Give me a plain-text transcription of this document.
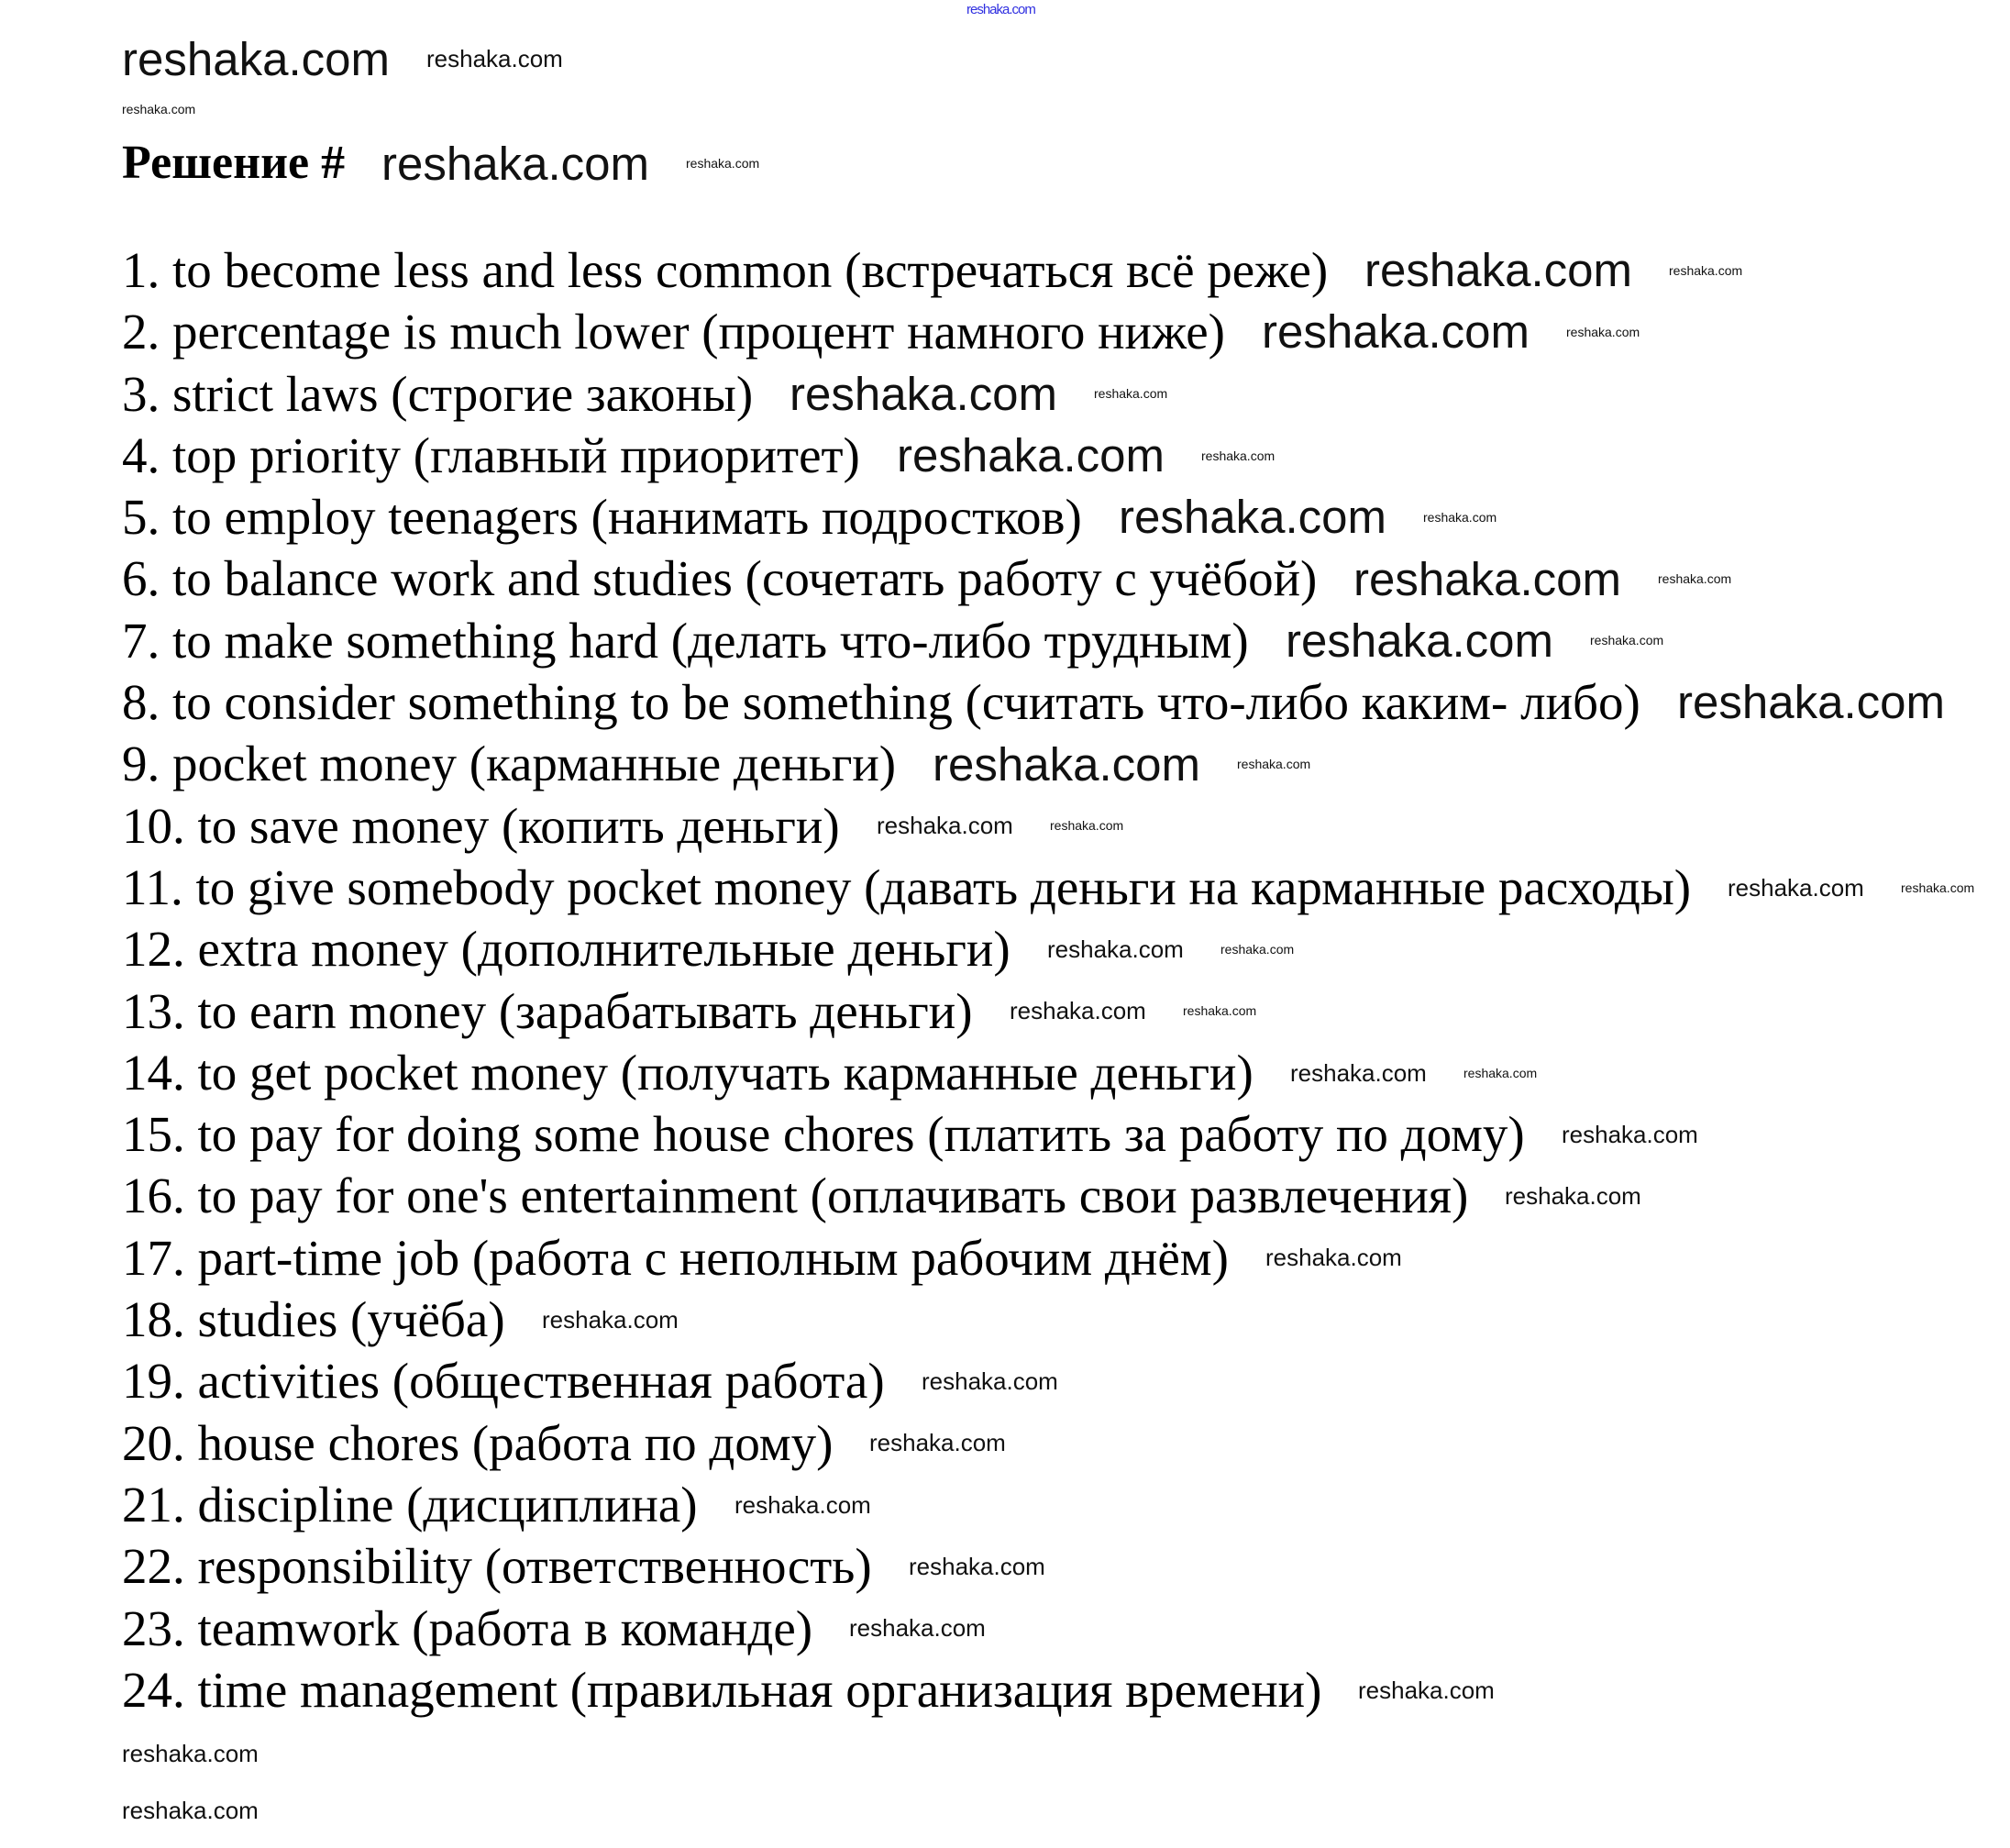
reshaka.com
Решение #
1. to become less and less common (встречаться всё реже)
2. percentage is much lower (процент намного ниже)
3. strict laws (строгие законы)
4. top priority (главный приоритет)
5. to employ teenagers (нанимать подростков)
6. to balance work and studies (сочетать работу с учёбой)
7. to make something hard (делать что-либо трудным)
8. to consider something to be something (считать что-либо каким- либо)
9. pocket money (карманные деньги)
10. to save money (копить деньги)
11. to give somebody pocket money (давать деньги на карманные расходы)
12. extra money (дополнительные деньги)
13. to earn money (зарабатывать деньги)
14. to get pocket money (получать карманные деньги)
15. to pay for doing some house chores (платить за работу по дому)
16. to pay for one's entertainment (оплачивать свои развлечения)
17. part-time job (работа с неполным рабочим днём)
18. studies (учёба)
19. activities (общественная работа)
20. house chores (работа по дому)
21. discipline (дисциплина)
22. responsibility (ответственность)
23. teamwork (работа в команде)
24. time management (правильная организация времени)
reshaka.com
reshaka.com
reshaka.com
reshaka.com
reshaka.com
reshaka.com
reshaka.com
reshaka.com
reshaka.com
reshaka.com
reshaka.com
reshaka.com
reshaka.com
reshaka.com
reshaka.com
reshaka.com
reshaka.com
reshaka.com
reshaka.com
reshaka.com
reshaka.com
reshaka.com
reshaka.com
reshaka.com
reshaka.com
reshaka.com
reshaka.com
reshaka.com
reshaka.com
reshaka.com
reshaka.com
reshaka.com
reshaka.com
reshaka.com
reshaka.com
reshaka.com
reshaka.com
reshaka.com
reshaka.com
reshaka.com
reshaka.com
reshaka.com
reshaka.com
reshaka.com
